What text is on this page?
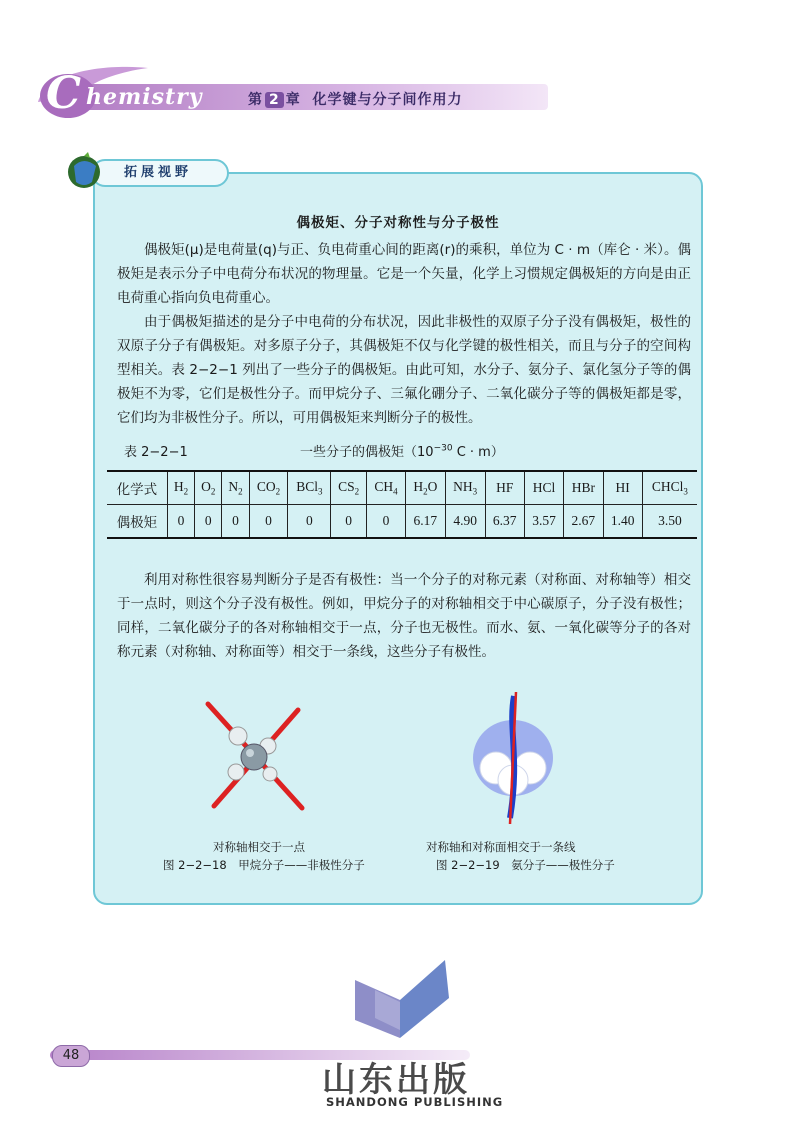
C hemistry	第 2 章 化学键与分子间作用力
拓展视野
偶极矩、分子对称性与分子极性

偶极矩(μ)是电荷量(q)与正、负电荷重心间的距离(r)的乘积，单位为 C · m（库仑 · 米）。偶极矩是表示分子中电荷分布状况的物理量。它是一个矢量，化学上习惯规定偶极矩的方向是由正电荷重心指向负电荷重心。

由于偶极矩描述的是分子中电荷的分布状况，因此非极性的双原子分子没有偶极矩，极性的双原子分子有偶极矩。对多原子分子，其偶极矩不仅与化学键的极性相关，而且与分子的空间构型相关。表 2−2−1 列出了一些分子的偶极矩。由此可知，水分子、氨分子、氯化氢分子等的偶极矩不为零，它们是极性分子。而甲烷分子、三氟化硼分子、二氧化碳分子等的偶极矩都是零，它们均为非极性分子。所以，可用偶极矩来判断分子的极性。

表 2−2−1	一些分子的偶极矩（$10^{-30}$ C · m）
化学式	$H_2$	$O_2$	$N_2$	$CO_2$	BCl$_3$	$CS_2$	$CH_4$	$H_2O$	$NH_3$	HF	HCl	HBr	HI	CHCl$_3$
偶极矩	0	0	0	0	0	0	0	6.17	4.90	6.37	3.57	2.67	1.40	3.50

利用对称性很容易判断分子是否有极性：当一个分子的对称元素（对称面、对称轴等）相交于一点时，则这个分子没有极性。例如，甲烷分子的对称轴相交于中心碳原子，分子没有极性；同样，二氧化碳分子的各对称轴相交于一点，分子也无极性。而水、氨、一氧化碳等分子的各对称元素（对称轴、对称面等）相交于一条线，这些分子有极性。

对称轴相交于一点
图 2−2−18　甲烷分子——非极性分子
对称轴和对称面相交于一条线
图 2−2−19　氨分子——极性分子
48
山东出版
SHANDONG PUBLISHING
